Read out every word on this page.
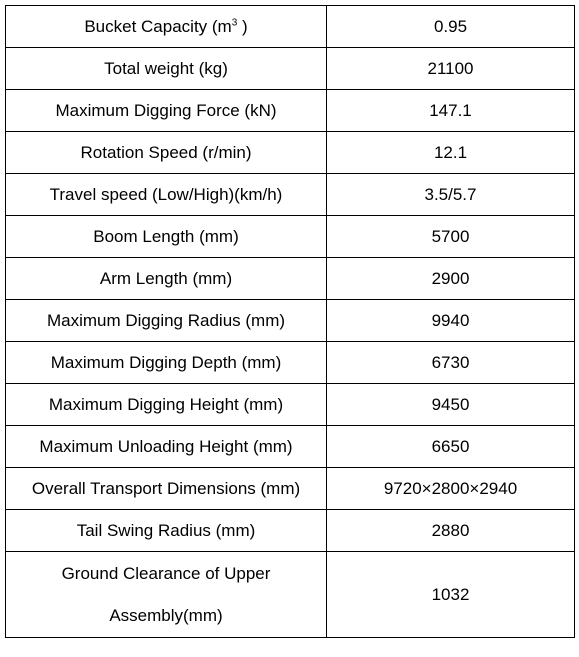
Bucket Capacity ($m^3$ )	0.95
Total weight (kg)	21100
Maximum Digging Force (kN)	147.1
Rotation Speed (r/min)	12.1
Travel speed (Low/High)(km/h)	3.5/5.7
Boom Length (mm)	5700
Arm Length (mm)	2900
Maximum Digging Radius (mm)	9940
Maximum Digging Depth (mm)	6730
Maximum Digging Height (mm)	9450
Maximum Unloading Height (mm)	6650
Overall Transport Dimensions (mm)	9720×2800×2940
Tail Swing Radius (mm)	2880
Ground Clearance of Upper
Assembly(mm)	1032
